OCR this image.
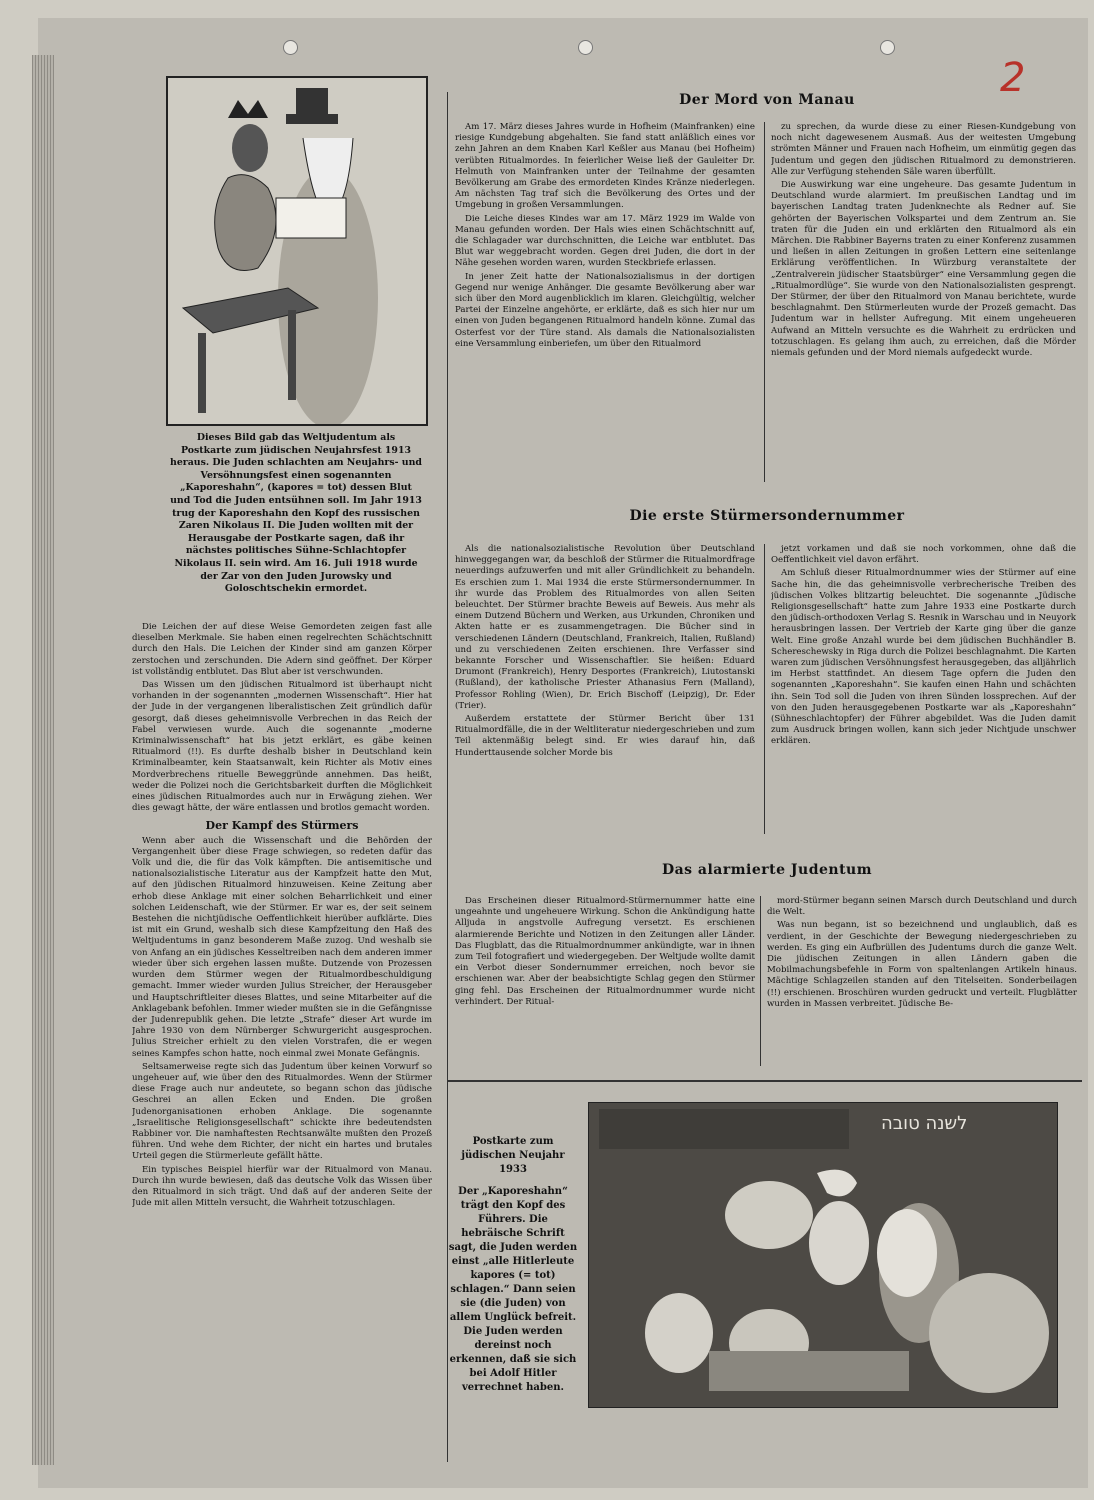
2
Dieses Bild gab das Weltjudentum als Postkarte zum jüdischen Neujahrsfest 1913 heraus. Die Juden schlachten am Neujahrs- und Versöhnungsfest einen sogenannten „Kaporeshahn“, (kapores = tot) dessen Blut und Tod die Juden entsühnen soll. Im Jahr 1913 trug der Kaporeshahn den Kopf des russischen Zaren Nikolaus II. Die Juden wollten mit der Herausgabe der Postkarte sagen, daß ihr nächstes politisches Sühne-Schlachtopfer Nikolaus II. sein wird. Am 16. Juli 1918 wurde der Zar von den Juden Jurowsky und Goloschtschekin ermordet.

Die Leichen der auf diese Weise Gemordeten zeigen fast alle dieselben Merkmale. Sie haben einen regelrechten Schächtschnitt durch den Hals. Die Leichen der Kinder sind am ganzen Körper zerstochen und zerschunden. Die Adern sind geöffnet. Der Körper ist vollständig entblutet. Das Blut aber ist verschwunden.

Das Wissen um den jüdischen Ritualmord ist überhaupt nicht vorhanden in der sogenannten „modernen Wissenschaft“. Hier hat der Jude in der vergangenen liberalistischen Zeit gründlich dafür gesorgt, daß dieses geheimnisvolle Verbrechen in das Reich der Fabel verwiesen wurde. Auch die sogenannte „moderne Kriminalwissenschaft“ hat bis jetzt erklärt, es gäbe keinen Ritualmord (!!). Es durfte deshalb bisher in Deutschland kein Kriminalbeamter, kein Staatsanwalt, kein Richter als Motiv eines Mordverbrechens rituelle Beweggründe annehmen. Das heißt, weder die Polizei noch die Gerichtsbarkeit durften die Möglichkeit eines jüdischen Ritualmordes auch nur in Erwägung ziehen. Wer dies gewagt hätte, der wäre entlassen und brotlos gemacht worden.

Der Kampf des Stürmers

Wenn aber auch die Wissenschaft und die Behörden der Vergangenheit über diese Frage schwiegen, so redeten dafür das Volk und die, die für das Volk kämpften. Die antisemitische und nationalsozialistische Literatur aus der Kampfzeit hatte den Mut, auf den jüdischen Ritualmord hinzuweisen. Keine Zeitung aber erhob diese Anklage mit einer solchen Beharrlichkeit und einer solchen Leidenschaft, wie der Stürmer. Er war es, der seit seinem Bestehen die nichtjüdische Oeffentlichkeit hierüber aufklärte. Dies ist mit ein Grund, weshalb sich diese Kampfzeitung den Haß des Weltjudentums in ganz besonderem Maße zuzog. Und weshalb sie von Anfang an ein jüdisches Kesseltreiben nach dem anderen immer wieder über sich ergehen lassen mußte. Dutzende von Prozessen wurden dem Stürmer wegen der Ritualmordbeschuldigung gemacht. Immer wieder wurden Julius Streicher, der Herausgeber und Hauptschriftleiter dieses Blattes, und seine Mitarbeiter auf die Anklagebank befohlen. Immer wieder mußten sie in die Gefängnisse der Judenrepublik gehen. Die letzte „Strafe“ dieser Art wurde im Jahre 1930 von dem Nürnberger Schwurgericht ausgesprochen. Julius Streicher erhielt zu den vielen Vorstrafen, die er wegen seines Kampfes schon hatte, noch einmal zwei Monate Gefängnis.

Seltsamerweise regte sich das Judentum über keinen Vorwurf so ungeheuer auf, wie über den des Ritualmordes. Wenn der Stürmer diese Frage auch nur andeutete, so begann schon das jüdische Geschrei an allen Ecken und Enden. Die großen Judenorganisationen erhoben Anklage. Die sogenannte „Israelitische Religionsgesellschaft“ schickte ihre bedeutendsten Rabbiner vor. Die namhaftesten Rechtsanwälte mußten den Prozeß führen. Und wehe dem Richter, der nicht ein hartes und brutales Urteil gegen die Stürmerleute gefällt hätte.

Ein typisches Beispiel hierfür war der Ritualmord von Manau. Durch ihn wurde bewiesen, daß das deutsche Volk das Wissen über den Ritualmord in sich trägt. Und daß auf der anderen Seite der Jude mit allen Mitteln versucht, die Wahrheit totzuschlagen.

Der Mord von Manau

Am 17. März dieses Jahres wurde in Hofheim (Mainfranken) eine riesige Kundgebung abgehalten. Sie fand statt anläßlich eines vor zehn Jahren an dem Knaben Karl Keßler aus Manau (bei Hofheim) verübten Ritualmordes. In feierlicher Weise ließ der Gauleiter Dr. Helmuth von Mainfranken unter der Teilnahme der gesamten Bevölkerung am Grabe des ermordeten Kindes Kränze niederlegen. Am nächsten Tag traf sich die Bevölkerung des Ortes und der Umgebung in großen Versammlungen.

Die Leiche dieses Kindes war am 17. März 1929 im Walde von Manau gefunden worden. Der Hals wies einen Schächtschnitt auf, die Schlagader war durchschnitten, die Leiche war entblutet. Das Blut war weggebracht worden. Gegen drei Juden, die dort in der Nähe gesehen worden waren, wurden Steckbriefe erlassen.

In jener Zeit hatte der Nationalsozialismus in der dortigen Gegend nur wenige Anhänger. Die gesamte Bevölkerung aber war sich über den Mord augenblicklich im klaren. Gleichgültig, welcher Partei der Einzelne angehörte, er erklärte, daß es sich hier nur um einen von Juden begangenen Ritualmord handeln könne. Zumal das Osterfest vor der Türe stand. Als damals die Nationalsozialisten eine Versammlung einberiefen, um über den Ritualmord

zu sprechen, da wurde diese zu einer Riesen-Kundgebung von noch nicht dagewesenem Ausmaß. Aus der weitesten Umgebung strömten Männer und Frauen nach Hofheim, um einmütig gegen das Judentum und gegen den jüdischen Ritualmord zu demonstrieren. Alle zur Verfügung stehenden Säle waren überfüllt.

Die Auswirkung war eine ungeheure. Das gesamte Judentum in Deutschland wurde alarmiert. Im preußischen Landtag und im bayerischen Landtag traten Judenknechte als Redner auf. Sie gehörten der Bayerischen Volkspartei und dem Zentrum an. Sie traten für die Juden ein und erklärten den Ritualmord als ein Märchen. Die Rabbiner Bayerns traten zu einer Konferenz zusammen und ließen in allen Zeitungen in großen Lettern eine seitenlange Erklärung veröffentlichen. In Würzburg veranstaltete der „Zentralverein jüdischer Staatsbürger“ eine Versammlung gegen die „Ritualmordlüge“. Sie wurde von den Nationalsozialisten gesprengt. Der Stürmer, der über den Ritualmord von Manau berichtete, wurde beschlagnahmt. Den Stürmerleuten wurde der Prozeß gemacht. Das Judentum war in hellster Aufregung. Mit einem ungeheueren Aufwand an Mitteln versuchte es die Wahrheit zu erdrücken und totzuschlagen. Es gelang ihm auch, zu erreichen, daß die Mörder niemals gefunden und der Mord niemals aufgedeckt wurde.

Die erste Stürmersondernummer

Als die nationalsozialistische Revolution über Deutschland hinweggegangen war, da beschloß der Stürmer die Ritualmordfrage neuerdings aufzuwerfen und mit aller Gründlichkeit zu behandeln. Es erschien zum 1. Mai 1934 die erste Stürmersondernummer. In ihr wurde das Problem des Ritualmordes von allen Seiten beleuchtet. Der Stürmer brachte Beweis auf Beweis. Aus mehr als einem Dutzend Büchern und Werken, aus Urkunden, Chroniken und Akten hatte er es zusammengetragen. Die Bücher sind in verschiedenen Ländern (Deutschland, Frankreich, Italien, Rußland) und zu verschiedenen Zeiten erschienen. Ihre Verfasser sind bekannte Forscher und Wissenschaftler. Sie heißen: Eduard Drumont (Frankreich), Henry Desportes (Frankreich), Liutostanski (Rußland), der katholische Priester Athanasius Fern (Malland), Professor Rohling (Wien), Dr. Erich Bischoff (Leipzig), Dr. Eder (Trier).

Außerdem erstattete der Stürmer Bericht über 131 Ritualmordfälle, die in der Weltliteratur niedergeschrieben und zum Teil aktenmäßig belegt sind. Er wies darauf hin, daß Hunderttausende solcher Morde bis

jetzt vorkamen und daß sie noch vorkommen, ohne daß die Oeffentlichkeit viel davon erfährt.

Am Schluß dieser Ritualmordnummer wies der Stürmer auf eine Sache hin, die das geheimnisvolle verbrecherische Treiben des jüdischen Volkes blitzartig beleuchtet. Die sogenannte „Jüdische Religionsgesellschaft“ hatte zum Jahre 1933 eine Postkarte durch den jüdisch-orthodoxen Verlag S. Resnik in Warschau und in Neuyork herausbringen lassen. Der Vertrieb der Karte ging über die ganze Welt. Eine große Anzahl wurde bei dem jüdischen Buchhändler B. Schereschewsky in Riga durch die Polizei beschlagnahmt. Die Karten waren zum jüdischen Versöhnungsfest herausgegeben, das alljährlich im Herbst stattfindet. An diesem Tage opfern die Juden den sogenannten „Kaporeshahn“. Sie kaufen einen Hahn und schächten ihn. Sein Tod soll die Juden von ihren Sünden lossprechen. Auf der von den Juden herausgegebenen Postkarte war als „Kaporeshahn“ (Sühneschlachtopfer) der Führer abgebildet. Was die Juden damit zum Ausdruck bringen wollen, kann sich jeder Nichtjude unschwer erklären.

Das alarmierte Judentum

Das Erscheinen dieser Ritualmord-Stürmernummer hatte eine ungeahnte und ungeheuere Wirkung. Schon die Ankündigung hatte Alljuda in angstvolle Aufregung versetzt. Es erschienen alarmierende Berichte und Notizen in den Zeitungen aller Länder. Das Flugblatt, das die Ritualmordnummer ankündigte, war in ihnen zum Teil fotografiert und wiedergegeben. Der Weltjude wollte damit ein Verbot dieser Sondernummer erreichen, noch bevor sie erschienen war. Aber der beabsichtigte Schlag gegen den Stürmer ging fehl. Das Erscheinen der Ritualmordnummer wurde nicht verhindert. Der Ritual-

mord-Stürmer begann seinen Marsch durch Deutschland und durch die Welt.

Was nun begann, ist so bezeichnend und unglaublich, daß es verdient, in der Geschichte der Bewegung niedergeschrieben zu werden. Es ging ein Aufbrüllen des Judentums durch die ganze Welt. Die jüdischen Zeitungen in allen Ländern gaben die Mobilmachungsbefehle in Form von spaltenlangen Artikeln hinaus. Mächtige Schlagzeilen standen auf den Titelseiten. Sonderbeilagen (!!) erschienen. Broschüren wurden gedruckt und verteilt. Flugblätter wurden in Massen verbreitet. Jüdische Be-

Postkarte zum jüdischen Neujahr 1933
Der „Kaporeshahn“ trägt den Kopf des Führers. Die hebräische Schrift sagt, die Juden werden einst „alle Hitlerleute kapores (= tot) schlagen.“ Dann seien sie (die Juden) von allem Unglück befreit. Die Juden werden dereinst noch erkennen, daß sie sich bei Adolf Hitler verrechnet haben.
לשנה טובה
